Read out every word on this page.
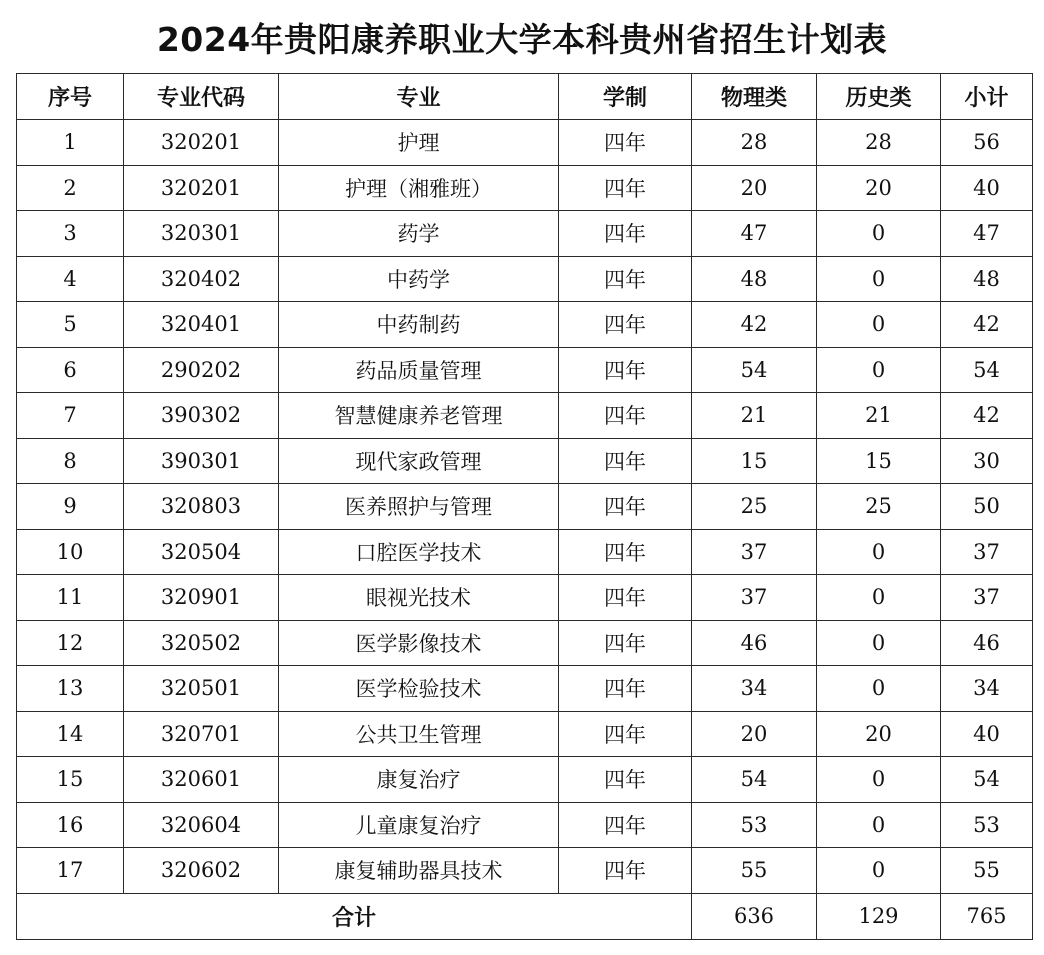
2024年贵阳康养职业大学本科贵州省招生计划表
序号	专业代码	专业	学制	物理类	历史类	小计
1	320201	护理	四年	28	28	56
2	320201	护理（湘雅班）	四年	20	20	40
3	320301	药学	四年	47	0	47
4	320402	中药学	四年	48	0	48
5	320401	中药制药	四年	42	0	42
6	290202	药品质量管理	四年	54	0	54
7	390302	智慧健康养老管理	四年	21	21	42
8	390301	现代家政管理	四年	15	15	30
9	320803	医养照护与管理	四年	25	25	50
10	320504	口腔医学技术	四年	37	0	37
11	320901	眼视光技术	四年	37	0	37
12	320502	医学影像技术	四年	46	0	46
13	320501	医学检验技术	四年	34	0	34
14	320701	公共卫生管理	四年	20	20	40
15	320601	康复治疗	四年	54	0	54
16	320604	儿童康复治疗	四年	53	0	53
17	320602	康复辅助器具技术	四年	55	0	55
合计				636	129	765
